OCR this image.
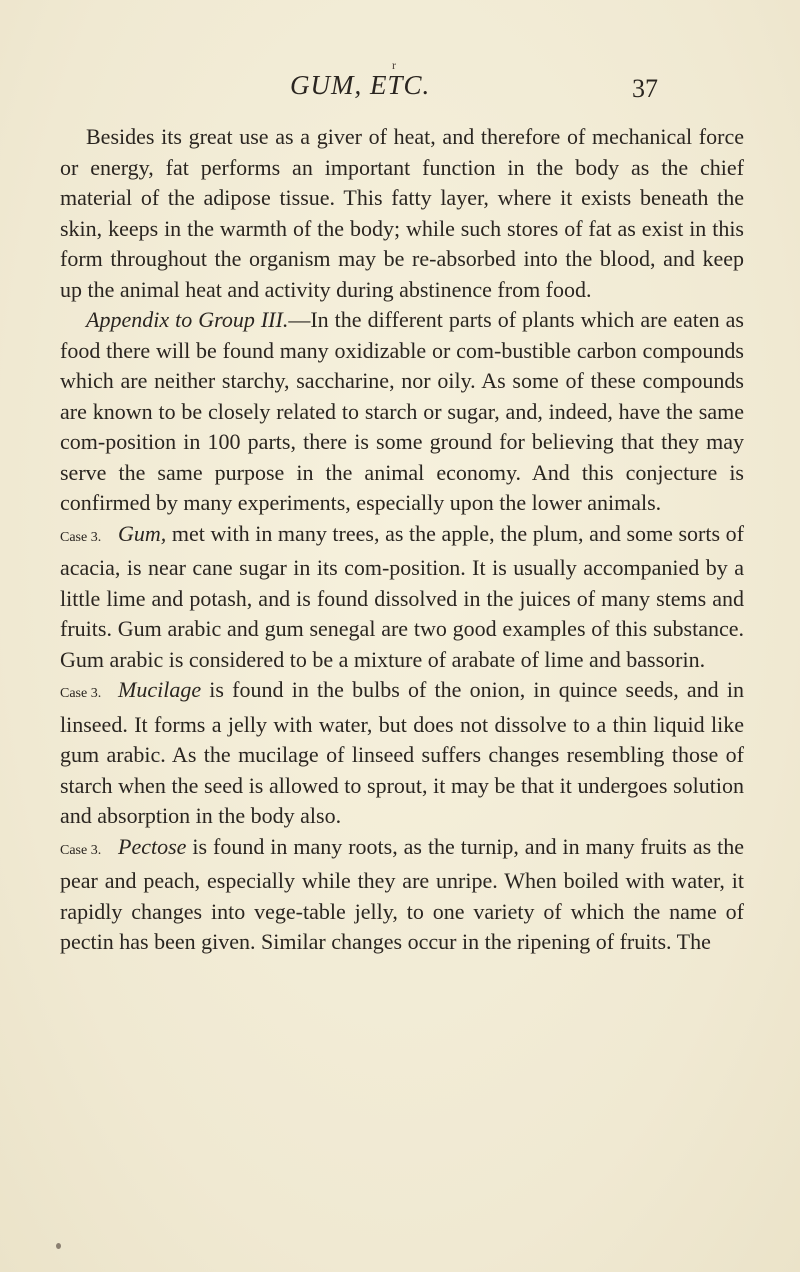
r
GUM, ETC.	37

Besides its great use as a giver of heat, and therefore of mechanical force or energy, fat performs an important function in the body as the chief material of the adipose tissue. This fatty layer, where it exists beneath the skin, keeps in the warmth of the body; while such stores of fat as exist in this form throughout the organism may be re-absorbed into the blood, and keep up the animal heat and activity during abstinence from food.

Appendix to Group III.—In the different parts of plants which are eaten as food there will be found many oxidizable or com-bustible carbon compounds which are neither starchy, saccharine, nor oily. As some of these compounds are known to be closely related to starch or sugar, and, indeed, have the same com-position in 100 parts, there is some ground for believing that they may serve the same purpose in the animal economy. And this conjecture is confirmed by many experiments, especially upon the lower animals.

Case 3. Gum, met with in many trees, as the apple, the plum, and some sorts of acacia, is near cane sugar in its com-position. It is usually accompanied by a little lime and potash, and is found dissolved in the juices of many stems and fruits. Gum arabic and gum senegal are two good examples of this substance. Gum arabic is considered to be a mixture of arabate of lime and bassorin.

Case 3. Mucilage is found in the bulbs of the onion, in quince seeds, and in linseed. It forms a jelly with water, but does not dissolve to a thin liquid like gum arabic. As the mucilage of linseed suffers changes resembling those of starch when the seed is allowed to sprout, it may be that it undergoes solution and absorption in the body also.

Case 3. Pectose is found in many roots, as the turnip, and in many fruits as the pear and peach, especially while they are unripe. When boiled with water, it rapidly changes into vege-table jelly, to one variety of which the name of pectin has been given. Similar changes occur in the ripening of fruits. The
